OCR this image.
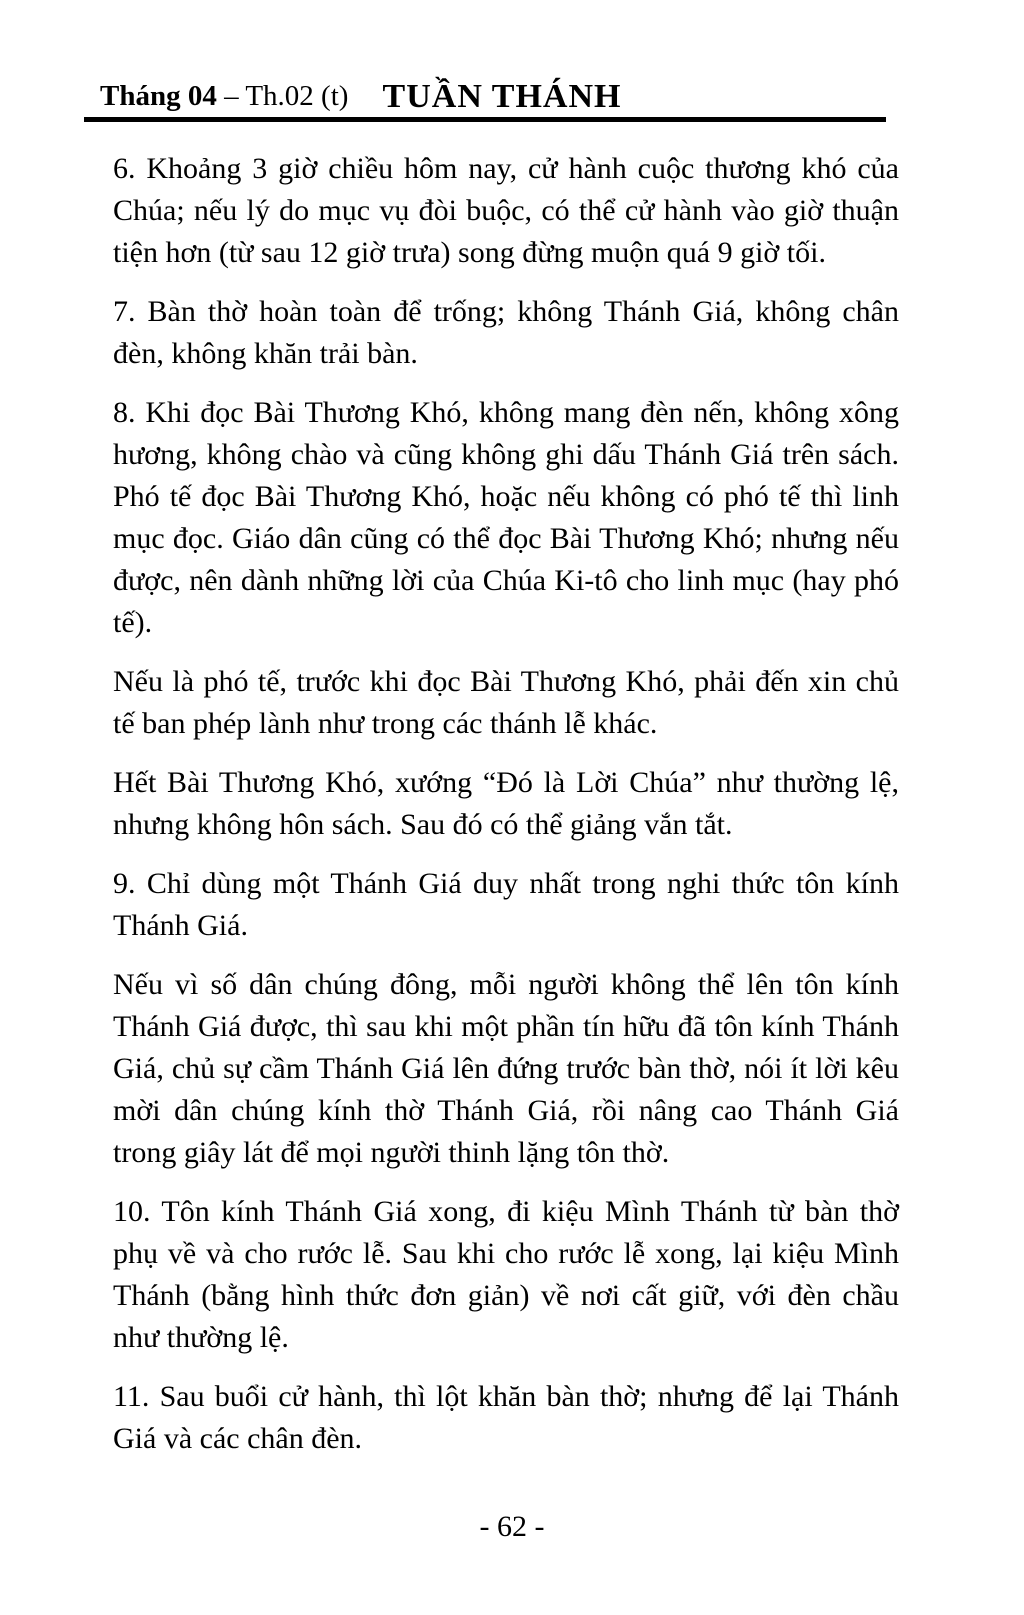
Tháng 04 – Th.02 (t) TUẦN THÁNH

6. Khoảng 3 giờ chiều hôm nay, cử hành cuộc thương khó của Chúa; nếu lý do mục vụ đòi buộc, có thể cử hành vào giờ thuận tiện hơn (từ sau 12 giờ trưa) song đừng muộn quá 9 giờ tối.

7. Bàn thờ hoàn toàn để trống; không Thánh Giá, không chân đèn, không khăn trải bàn.

8. Khi đọc Bài Thương Khó, không mang đèn nến, không xông hương, không chào và cũng không ghi dấu Thánh Giá trên sách. Phó tế đọc Bài Thương Khó, hoặc nếu không có phó tế thì linh mục đọc. Giáo dân cũng có thể đọc Bài Thương Khó; nhưng nếu được, nên dành những lời của Chúa Ki-tô cho linh mục (hay phó tế).

Nếu là phó tế, trước khi đọc Bài Thương Khó, phải đến xin chủ tế ban phép lành như trong các thánh lễ khác.

Hết Bài Thương Khó, xướng “Đó là Lời Chúa” như thường lệ, nhưng không hôn sách. Sau đó có thể giảng vắn tắt.

9. Chỉ dùng một Thánh Giá duy nhất trong nghi thức tôn kính Thánh Giá.

Nếu vì số dân chúng đông, mỗi người không thể lên tôn kính Thánh Giá được, thì sau khi một phần tín hữu đã tôn kính Thánh Giá, chủ sự cầm Thánh Giá lên đứng trước bàn thờ, nói ít lời kêu mời dân chúng kính thờ Thánh Giá, rồi nâng cao Thánh Giá trong giây lát để mọi người thinh lặng tôn thờ.

10. Tôn kính Thánh Giá xong, đi kiệu Mình Thánh từ bàn thờ phụ về và cho rước lễ. Sau khi cho rước lễ xong, lại kiệu Mình Thánh (bằng hình thức đơn giản) về nơi cất giữ, với đèn chầu như thường lệ.

11. Sau buổi cử hành, thì lột khăn bàn thờ; nhưng để lại Thánh Giá và các chân đèn.

- 62 -
